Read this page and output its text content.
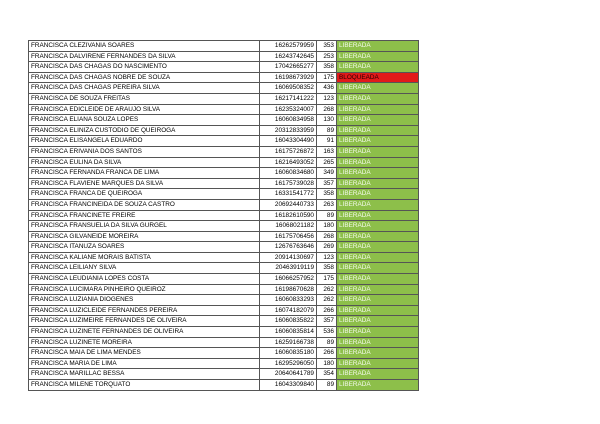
FRANCISCA CLEZIVANIA SOARES	16262579959	353	LIBERADA
FRANCISCA DALVIRENE FERNANDES DA SILVA	16243742645	253	LIBERADA
FRANCISCA DAS CHAGAS DO NASCIMENTO	17042665277	358	LIBERADA
FRANCISCA DAS CHAGAS NOBRE DE SOUZA	16198673929	175	BLOQUEADA
FRANCISCA DAS CHAGAS PEREIRA SILVA	16069508352	436	LIBERADA
FRANCISCA DE SOUZA FREITAS	16217141222	123	LIBERADA
FRANCISCA EDICLEIDE DE ARAUJO SILVA	16235324007	268	LIBERADA
FRANCISCA ELIANA SOUZA LOPES	16060834958	130	LIBERADA
FRANCISCA ELINIZA CUSTODIO DE QUEIROGA	20312833959	89	LIBERADA
FRANCISCA ELISANGELA EDUARDO	16043304490	91	LIBERADA
FRANCISCA ERIVANIA DOS SANTOS	16175726872	163	LIBERADA
FRANCISCA EULINA DA SILVA	16216493052	265	LIBERADA
FRANCISCA FERNANDA FRANCA DE LIMA	16060834680	349	LIBERADA
FRANCISCA FLAVIENE MARQUES DA SILVA	16175739028	357	LIBERADA
FRANCISCA FRANCA DE QUEIROGA	16331541772	358	LIBERADA
FRANCISCA FRANCINEIDA DE SOUZA CASTRO	20692440733	263	LIBERADA
FRANCISCA FRANCINETE FREIRE	16182610590	89	LIBERADA
FRANCISCA FRANSUELIA DA SILVA GURGEL	16068021182	180	LIBERADA
FRANCISCA GILVANEIDE MOREIRA	16175706456	268	LIBERADA
FRANCISCA ITANUZA SOARES	12676763646	269	LIBERADA
FRANCISCA KALIANE MORAIS BATISTA	20914130697	123	LIBERADA
FRANCISCA LEILIANY SILVA	20463919119	358	LIBERADA
FRANCISCA LEUDIANIA LOPES COSTA	16066257952	175	LIBERADA
FRANCISCA LUCIMARA PINHEIRO QUEIROZ	16198670628	262	LIBERADA
FRANCISCA LUZIANIA DIOGENES	16060833293	262	LIBERADA
FRANCISCA LUZICLEIDE FERNANDES PEREIRA	16074182079	266	LIBERADA
FRANCISCA LUZIMEIRE FERNANDES DE OLIVEIRA	16060835822	357	LIBERADA
FRANCISCA LUZINETE FERNANDES DE OLIVEIRA	16060835814	536	LIBERADA
FRANCISCA LUZINETE MOREIRA	16259166738	89	LIBERADA
FRANCISCA MAIA DE LIMA MENDES	16060835180	266	LIBERADA
FRANCISCA MARIA DE LIMA	16295296050	180	LIBERADA
FRANCISCA MARILLAC BESSA	20640641789	354	LIBERADA
FRANCISCA MILENE TORQUATO	16043309840	89	LIBERADA
